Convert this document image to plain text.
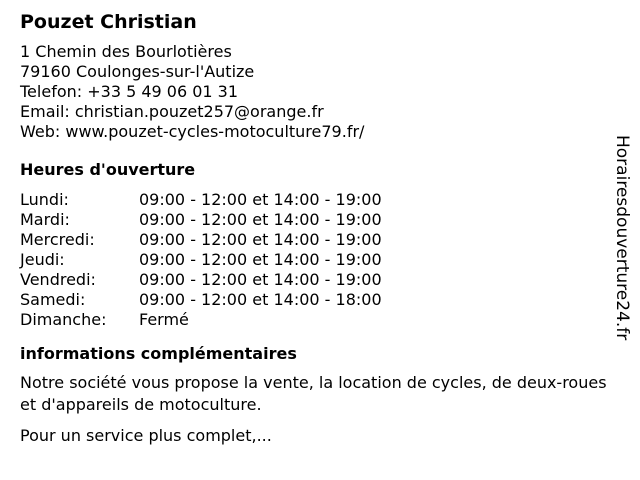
Pouzet Christian
1 Chemin des Bourlotières
79160 Coulonges-sur-l'Autize
Telefon: +33 5 49 06 01 31
Email: christian.pouzet257@orange.fr
Web: www.pouzet-cycles-motoculture79.fr/
Heures d'ouverture
Lundi:	09:00 - 12:00 et 14:00 - 19:00
Mardi:	09:00 - 12:00 et 14:00 - 19:00
Mercredi:	09:00 - 12:00 et 14:00 - 19:00
Jeudi:	09:00 - 12:00 et 14:00 - 19:00
Vendredi:	09:00 - 12:00 et 14:00 - 19:00
Samedi:	09:00 - 12:00 et 14:00 - 18:00
Dimanche: Fermé
informations complémentaires

Notre société vous propose la vente, la location de cycles, de deux-roues et d'appareils de motoculture.

Pour un service plus complet,...

Horairesdouverture24.fr
